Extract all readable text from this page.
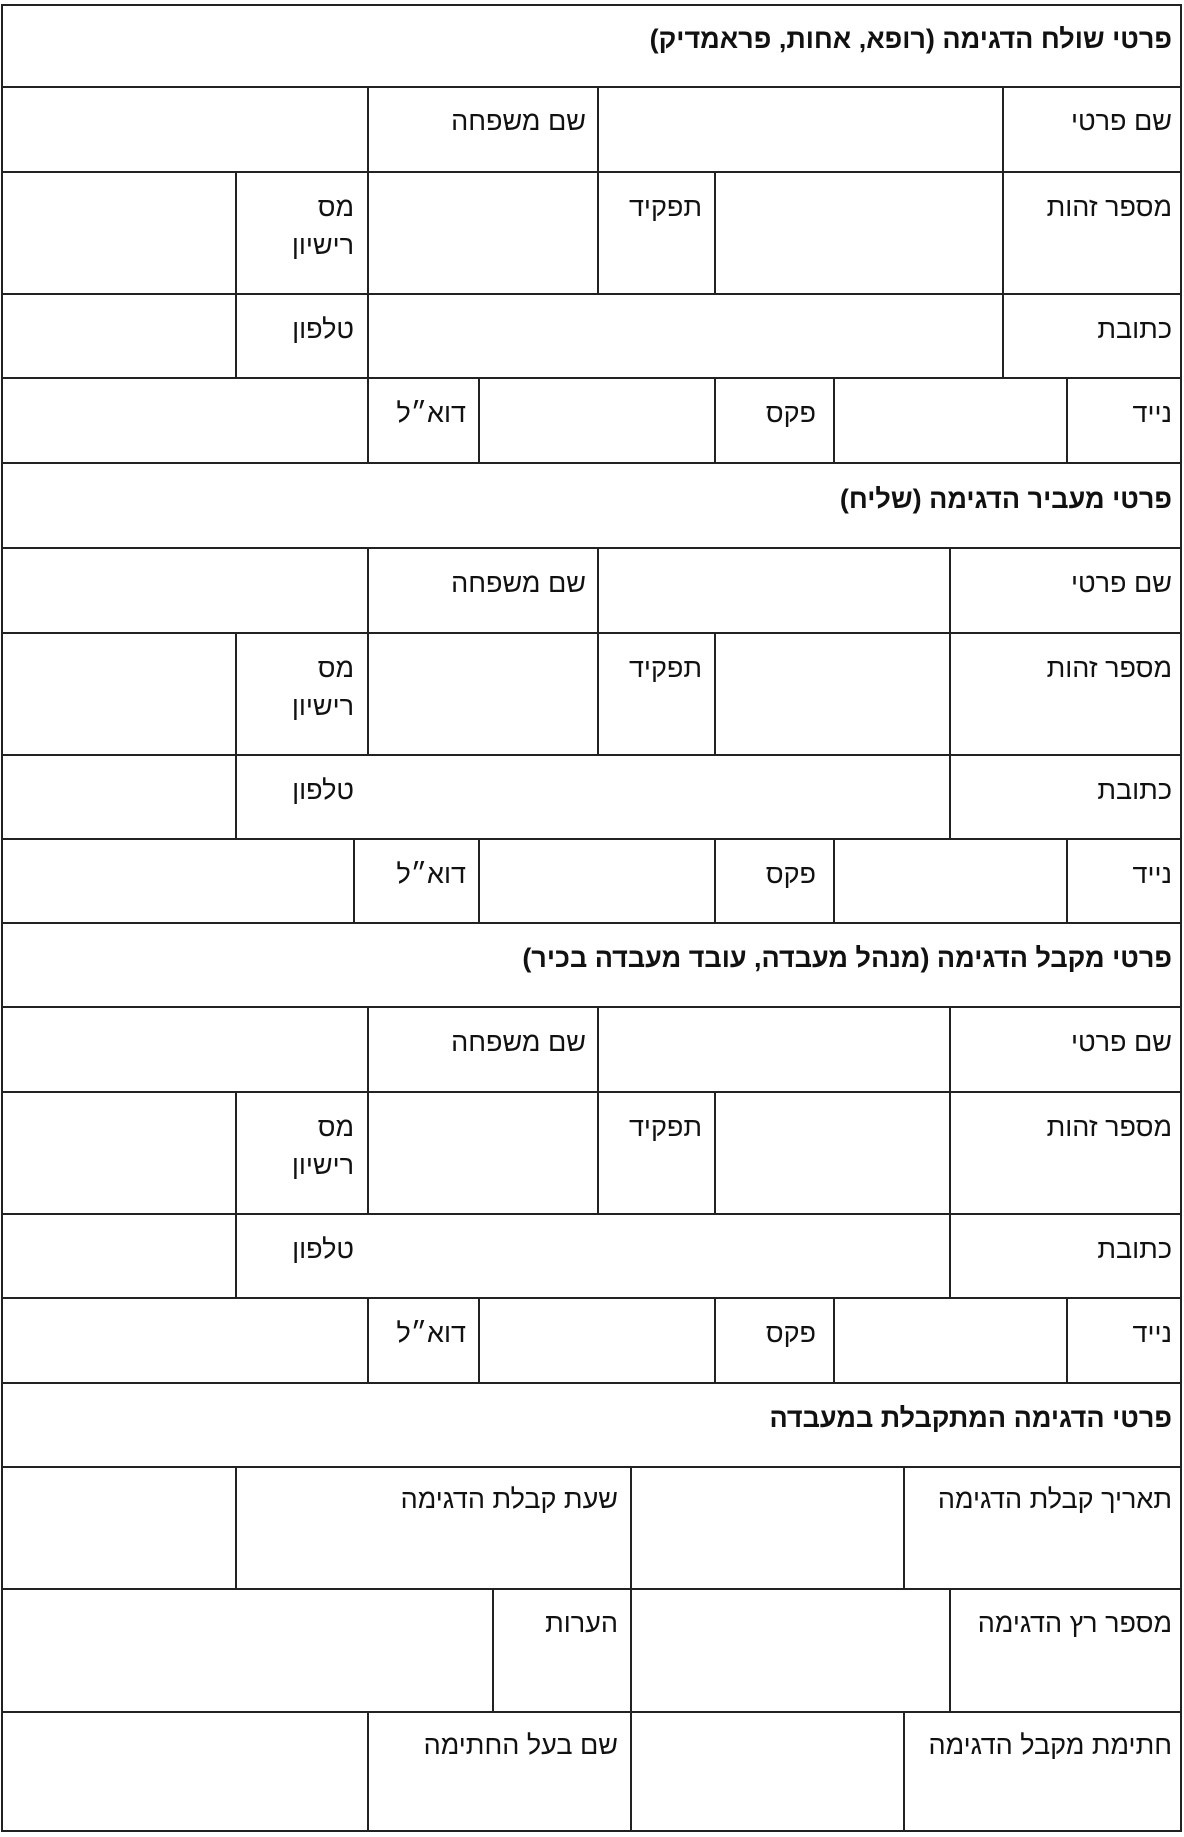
פרטי שולח הדגימה (רופא, אחות, פראמדיק)
שם פרטי
שם משפחה
מספר זהות
תפקיד
מס רישיון
כתובת
טלפון
נייד
פקס
דוא״ל
פרטי מעביר הדגימה (שליח)
שם פרטי
שם משפחה
מספר זהות
תפקיד
מס רישיון
כתובת
טלפון
נייד
פקס
דוא״ל
פרטי מקבל הדגימה (מנהל מעבדה, עובד מעבדה בכיר)
שם פרטי
שם משפחה
מספר זהות
תפקיד
מס רישיון
כתובת
טלפון
נייד
פקס
דוא״ל
פרטי הדגימה המתקבלת במעבדה
תאריך קבלת הדגימה
שעת קבלת הדגימה
מספר רץ הדגימה
הערות
חתימת מקבל הדגימה
שם בעל החתימה
